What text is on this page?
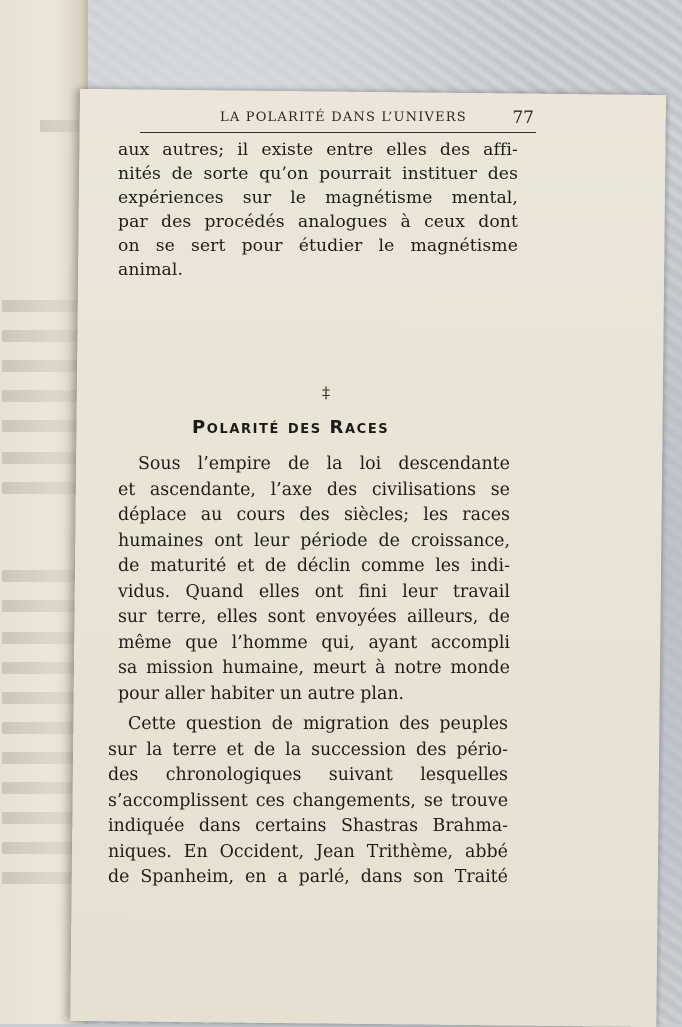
LA POLARITÉ DANS L’UNIVERS	77
aux autres; il existe entre elles des affi-
nités de sorte qu’on pourrait instituer des
expériences sur le magnétisme mental,
par des procédés analogues à ceux dont
on se sert pour étudier le magnétisme
animal.
‡
Polarité des Races
Sous l’empire de la loi descendante
et ascendante, l’axe des civilisations se
déplace au cours des siècles; les races
humaines ont leur période de croissance,
de maturité et de déclin comme les indi-
vidus. Quand elles ont fini leur travail
sur terre, elles sont envoyées ailleurs, de
même que l’homme qui, ayant accompli
sa mission humaine, meurt à notre monde
pour aller habiter un autre plan.
Cette question de migration des peuples
sur la terre et de la succession des pério-
des chronologiques suivant lesquelles
s’accomplissent ces changements, se trouve
indiquée dans certains Shastras Brahma-
niques. En Occident, Jean Trithème, abbé
de Spanheim, en a parlé, dans son Traité
